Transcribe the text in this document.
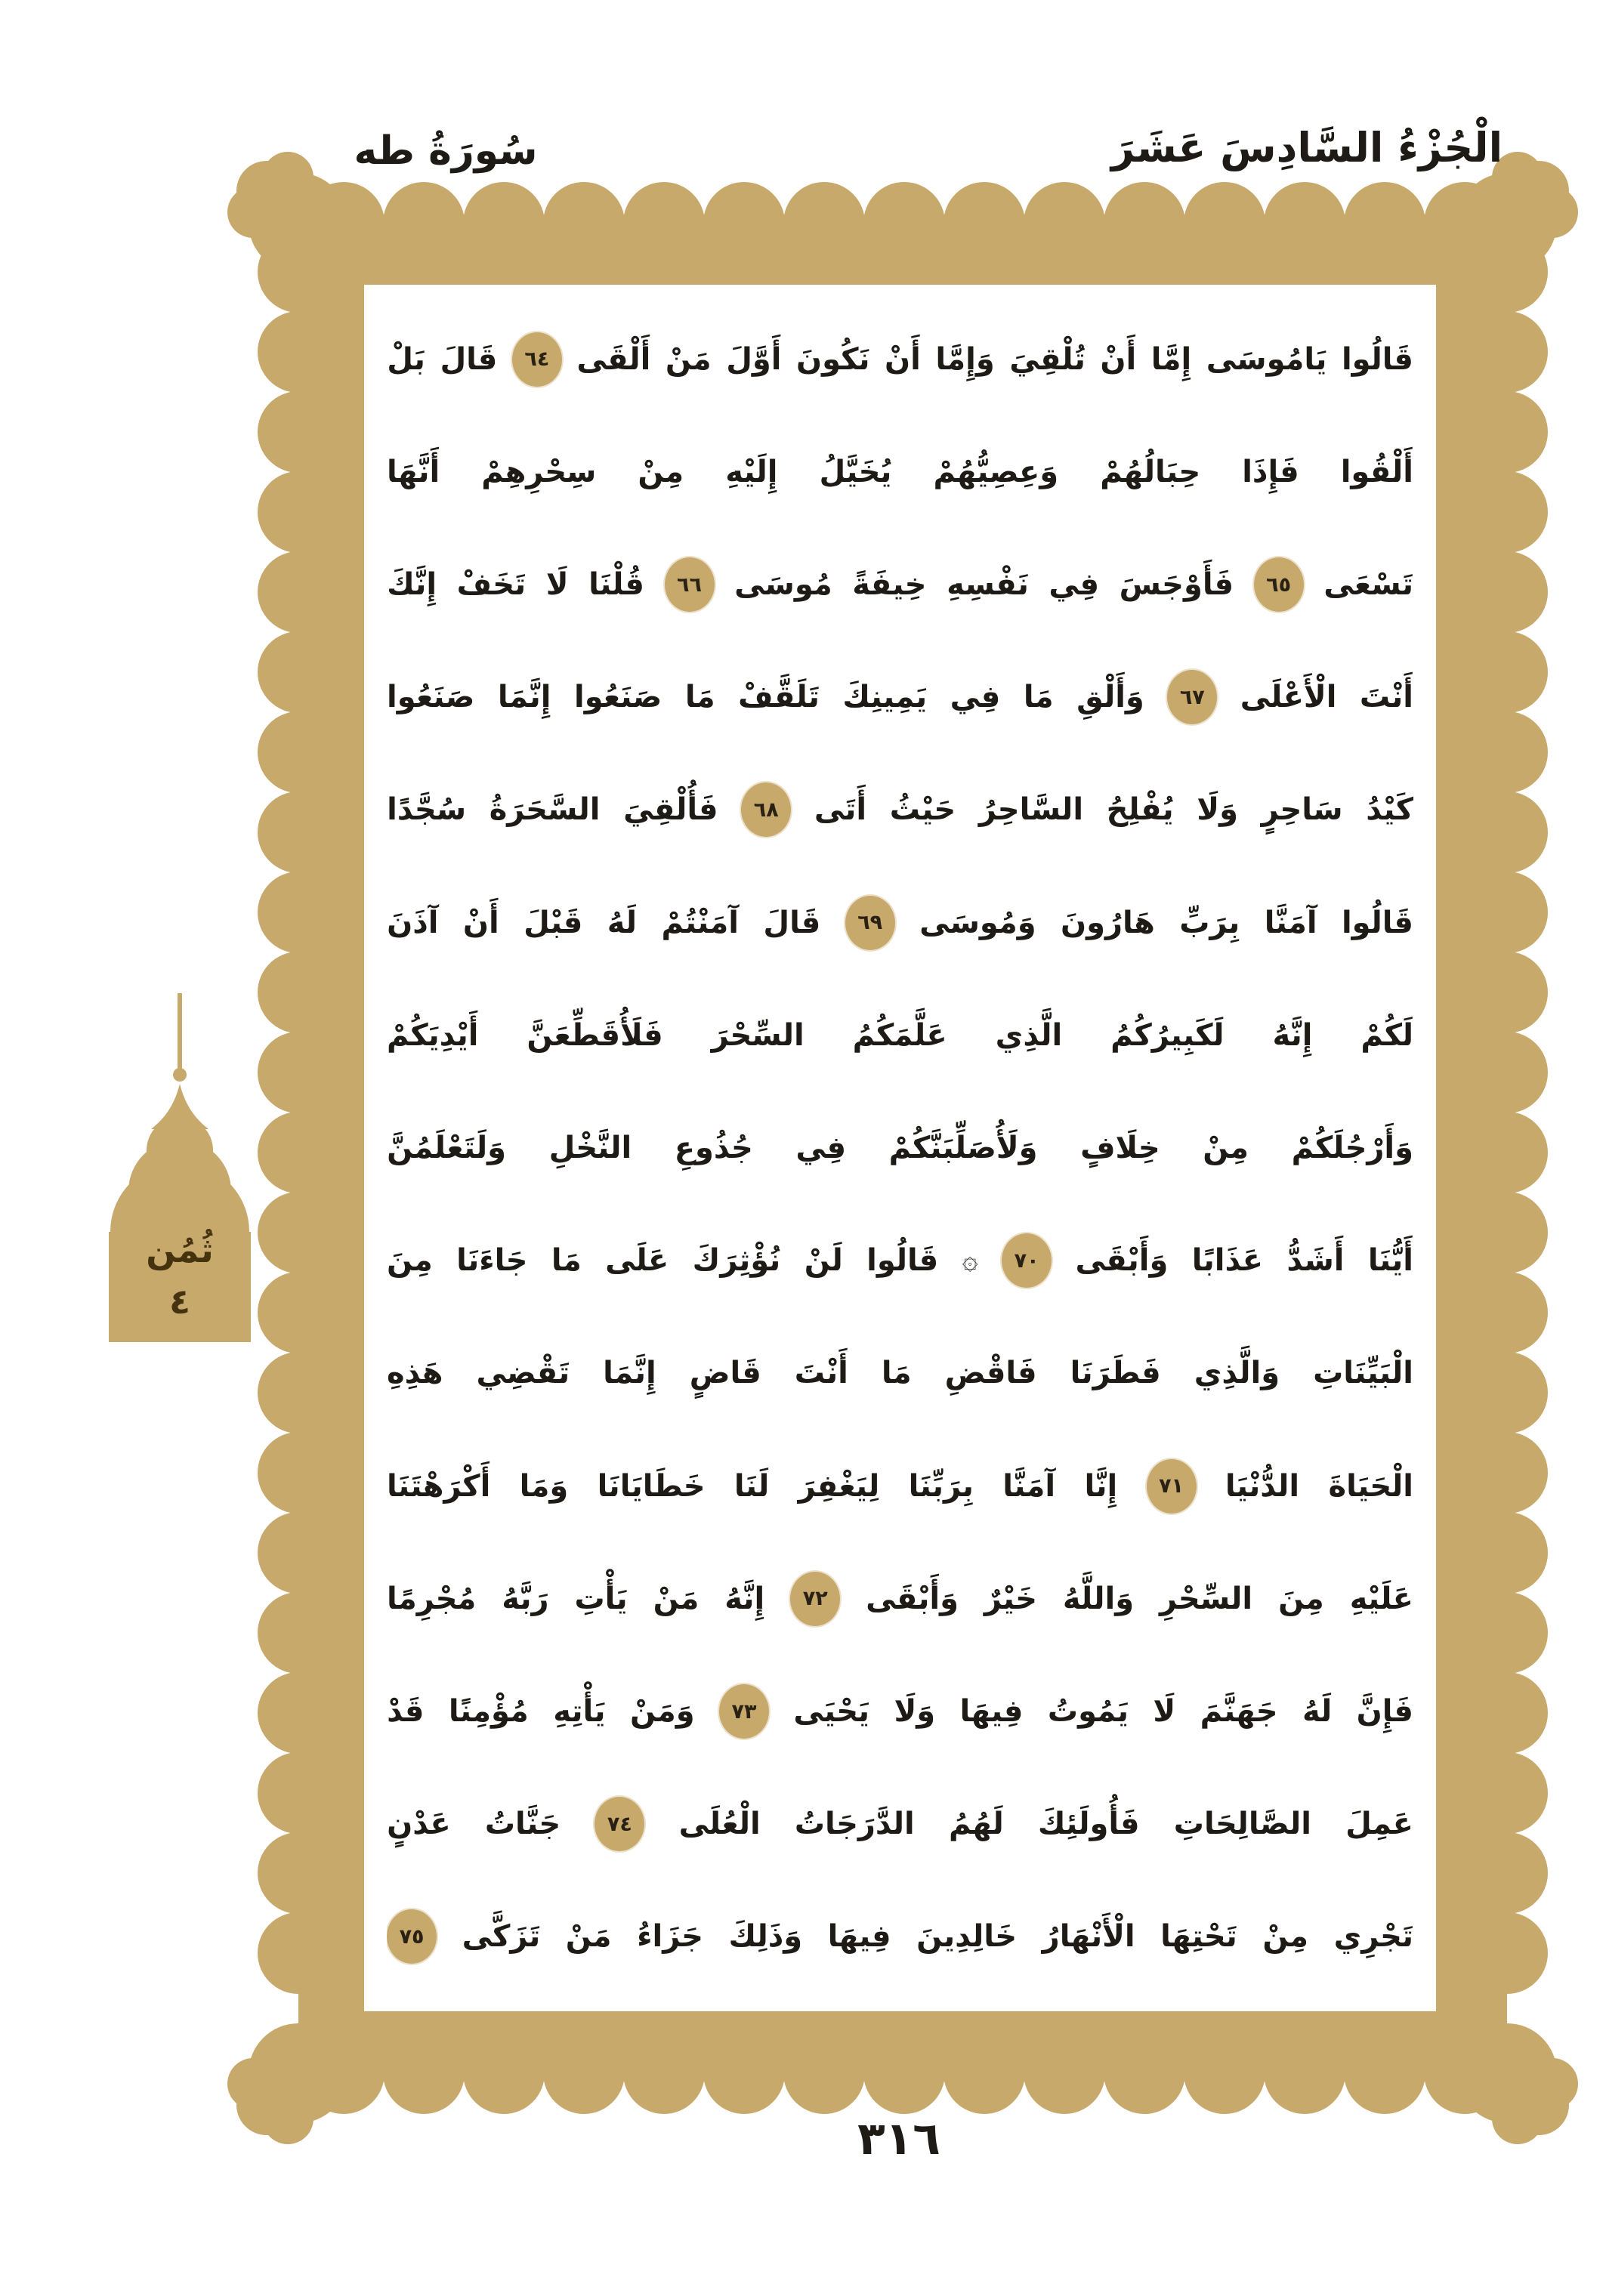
سُورَةُ طه	الْجُزْءُ السَّادِسَ عَشَرَ
ثُمُن
٤
قَالُوا
يَامُوسَى
إِمَّا
أَنْ
تُلْقِيَ
وَإِمَّا
أَنْ
نَكُونَ
أَوَّلَ
مَنْ
أَلْقَى
٦٤
قَالَ
بَلْ
أَلْقُوا
فَإِذَا
حِبَالُهُمْ
وَعِصِيُّهُمْ
يُخَيَّلُ
إِلَيْهِ
مِنْ
سِحْرِهِمْ
أَنَّهَا
تَسْعَى
٦٥
فَأَوْجَسَ
فِي
نَفْسِهِ
خِيفَةً
مُوسَى
٦٦
قُلْنَا
لَا
تَخَفْ
إِنَّكَ
أَنْتَ
الْأَعْلَى
٦٧
وَأَلْقِ
مَا
فِي
يَمِينِكَ
تَلَقَّفْ
مَا
صَنَعُوا
إِنَّمَا
صَنَعُوا
كَيْدُ
سَاحِرٍ
وَلَا
يُفْلِحُ
السَّاحِرُ
حَيْثُ
أَتَى
٦٨
فَأُلْقِيَ
السَّحَرَةُ
سُجَّدًا
قَالُوا
آمَنَّا
بِرَبِّ
هَارُونَ
وَمُوسَى
٦٩
قَالَ
آمَنْتُمْ
لَهُ
قَبْلَ
أَنْ
آذَنَ
لَكُمْ
إِنَّهُ
لَكَبِيرُكُمُ
الَّذِي
عَلَّمَكُمُ
السِّحْرَ
فَلَأُقَطِّعَنَّ
أَيْدِيَكُمْ
وَأَرْجُلَكُمْ
مِنْ
خِلَافٍ
وَلَأُصَلِّبَنَّكُمْ
فِي
جُذُوعِ
النَّخْلِ
وَلَتَعْلَمُنَّ
أَيُّنَا
أَشَدُّ
عَذَابًا
وَأَبْقَى
٧٠
۞
قَالُوا
لَنْ
نُؤْثِرَكَ
عَلَى
مَا
جَاءَنَا
مِنَ
الْبَيِّنَاتِ
وَالَّذِي
فَطَرَنَا
فَاقْضِ
مَا
أَنْتَ
قَاضٍ
إِنَّمَا
تَقْضِي
هَذِهِ
الْحَيَاةَ
الدُّنْيَا
٧١
إِنَّا
آمَنَّا
بِرَبِّنَا
لِيَغْفِرَ
لَنَا
خَطَايَانَا
وَمَا
أَكْرَهْتَنَا
عَلَيْهِ
مِنَ
السِّحْرِ
وَاللَّهُ
خَيْرٌ
وَأَبْقَى
٧٢
إِنَّهُ
مَنْ
يَأْتِ
رَبَّهُ
مُجْرِمًا
فَإِنَّ
لَهُ
جَهَنَّمَ
لَا
يَمُوتُ
فِيهَا
وَلَا
يَحْيَى
٧٣
وَمَنْ
يَأْتِهِ
مُؤْمِنًا
قَدْ
عَمِلَ
الصَّالِحَاتِ
فَأُولَئِكَ
لَهُمُ
الدَّرَجَاتُ
الْعُلَى
٧٤
جَنَّاتُ
عَدْنٍ
تَجْرِي
مِنْ
تَحْتِهَا
الْأَنْهَارُ
خَالِدِينَ
فِيهَا
وَذَلِكَ
جَزَاءُ
مَنْ
تَزَكَّى
٧٥
٣١٦
